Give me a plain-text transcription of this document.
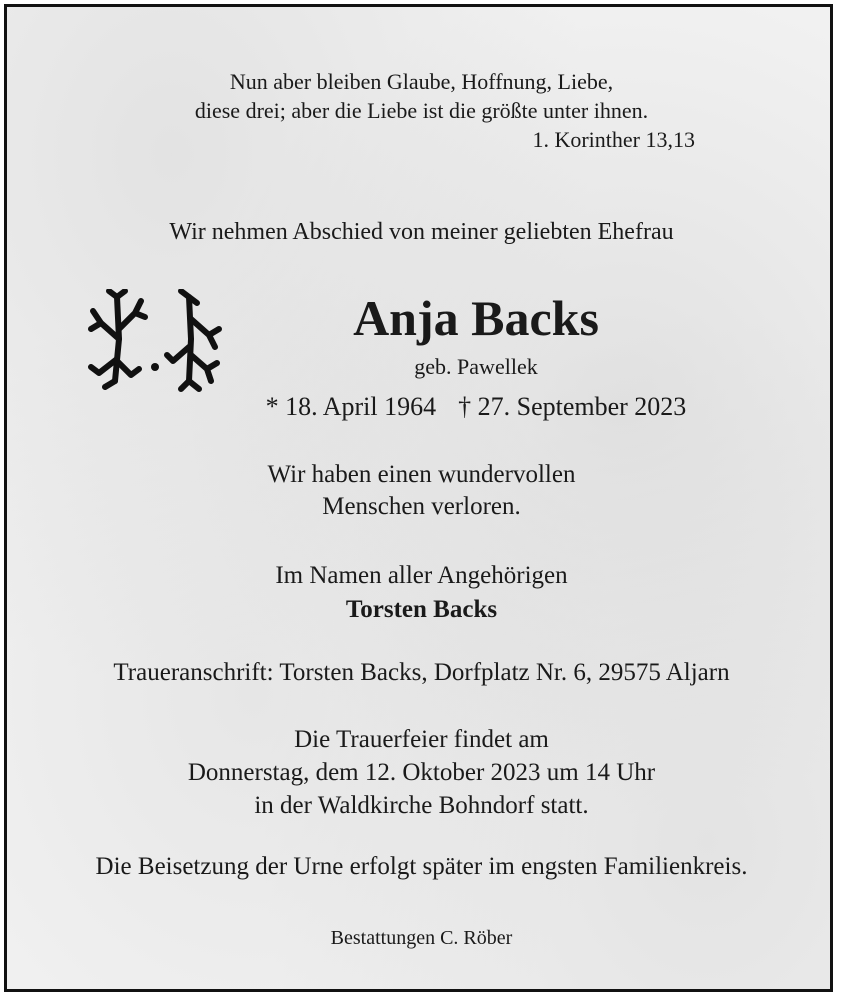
Nun aber bleiben Glaube, Hoffnung, Liebe,
diese drei; aber die Liebe ist die größte unter ihnen.
1. Korinther 13,13
Wir nehmen Abschied von meiner geliebten Ehefrau
Anja Backs
geb. Pawellek
* 18. April 1964 † 27. September 2023
Wir haben einen wundervollen
Menschen verloren.
Im Namen aller Angehörigen
Torsten Backs
Traueranschrift: Torsten Backs, Dorfplatz Nr. 6, 29575 Aljarn
Die Trauerfeier findet am
Donnerstag, dem 12. Oktober 2023 um 14 Uhr
in der Waldkirche Bohndorf statt.
Die Beisetzung der Urne erfolgt später im engsten Familienkreis.
Bestattungen C. Röber
